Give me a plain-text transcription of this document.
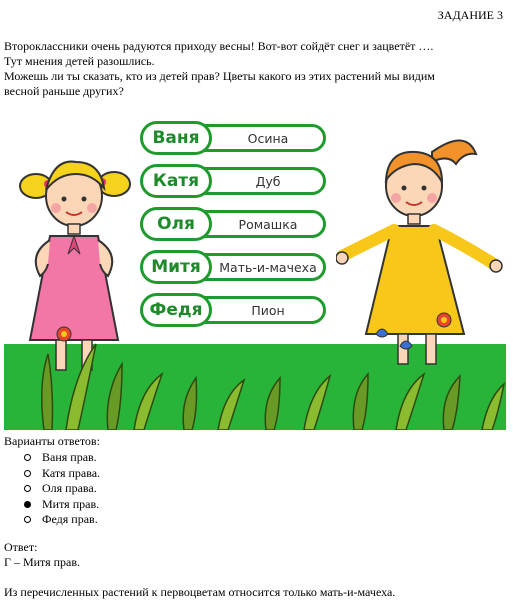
ЗАДАНИЕ 3

Второклассники очень радуются приходу весны! Вот-вот сойдёт снег и зацветёт ….

Тут мнения детей разошлись.

Можешь ли ты сказать, кто из детей прав? Цветы какого из этих растений мы видим

весной раньше других?

Ваня	Осина
Катя	Дуб
Оля	Ромашка
Митя	Мать-и-мачеха
Федя	Пион
Варианты ответов:
Ваня прав.
Катя права.
Оля права.
Митя прав.
Федя прав.
Ответ:
Г – Митя прав.
Из перечисленных растений к первоцветам относится только мать-и-мачеха.
